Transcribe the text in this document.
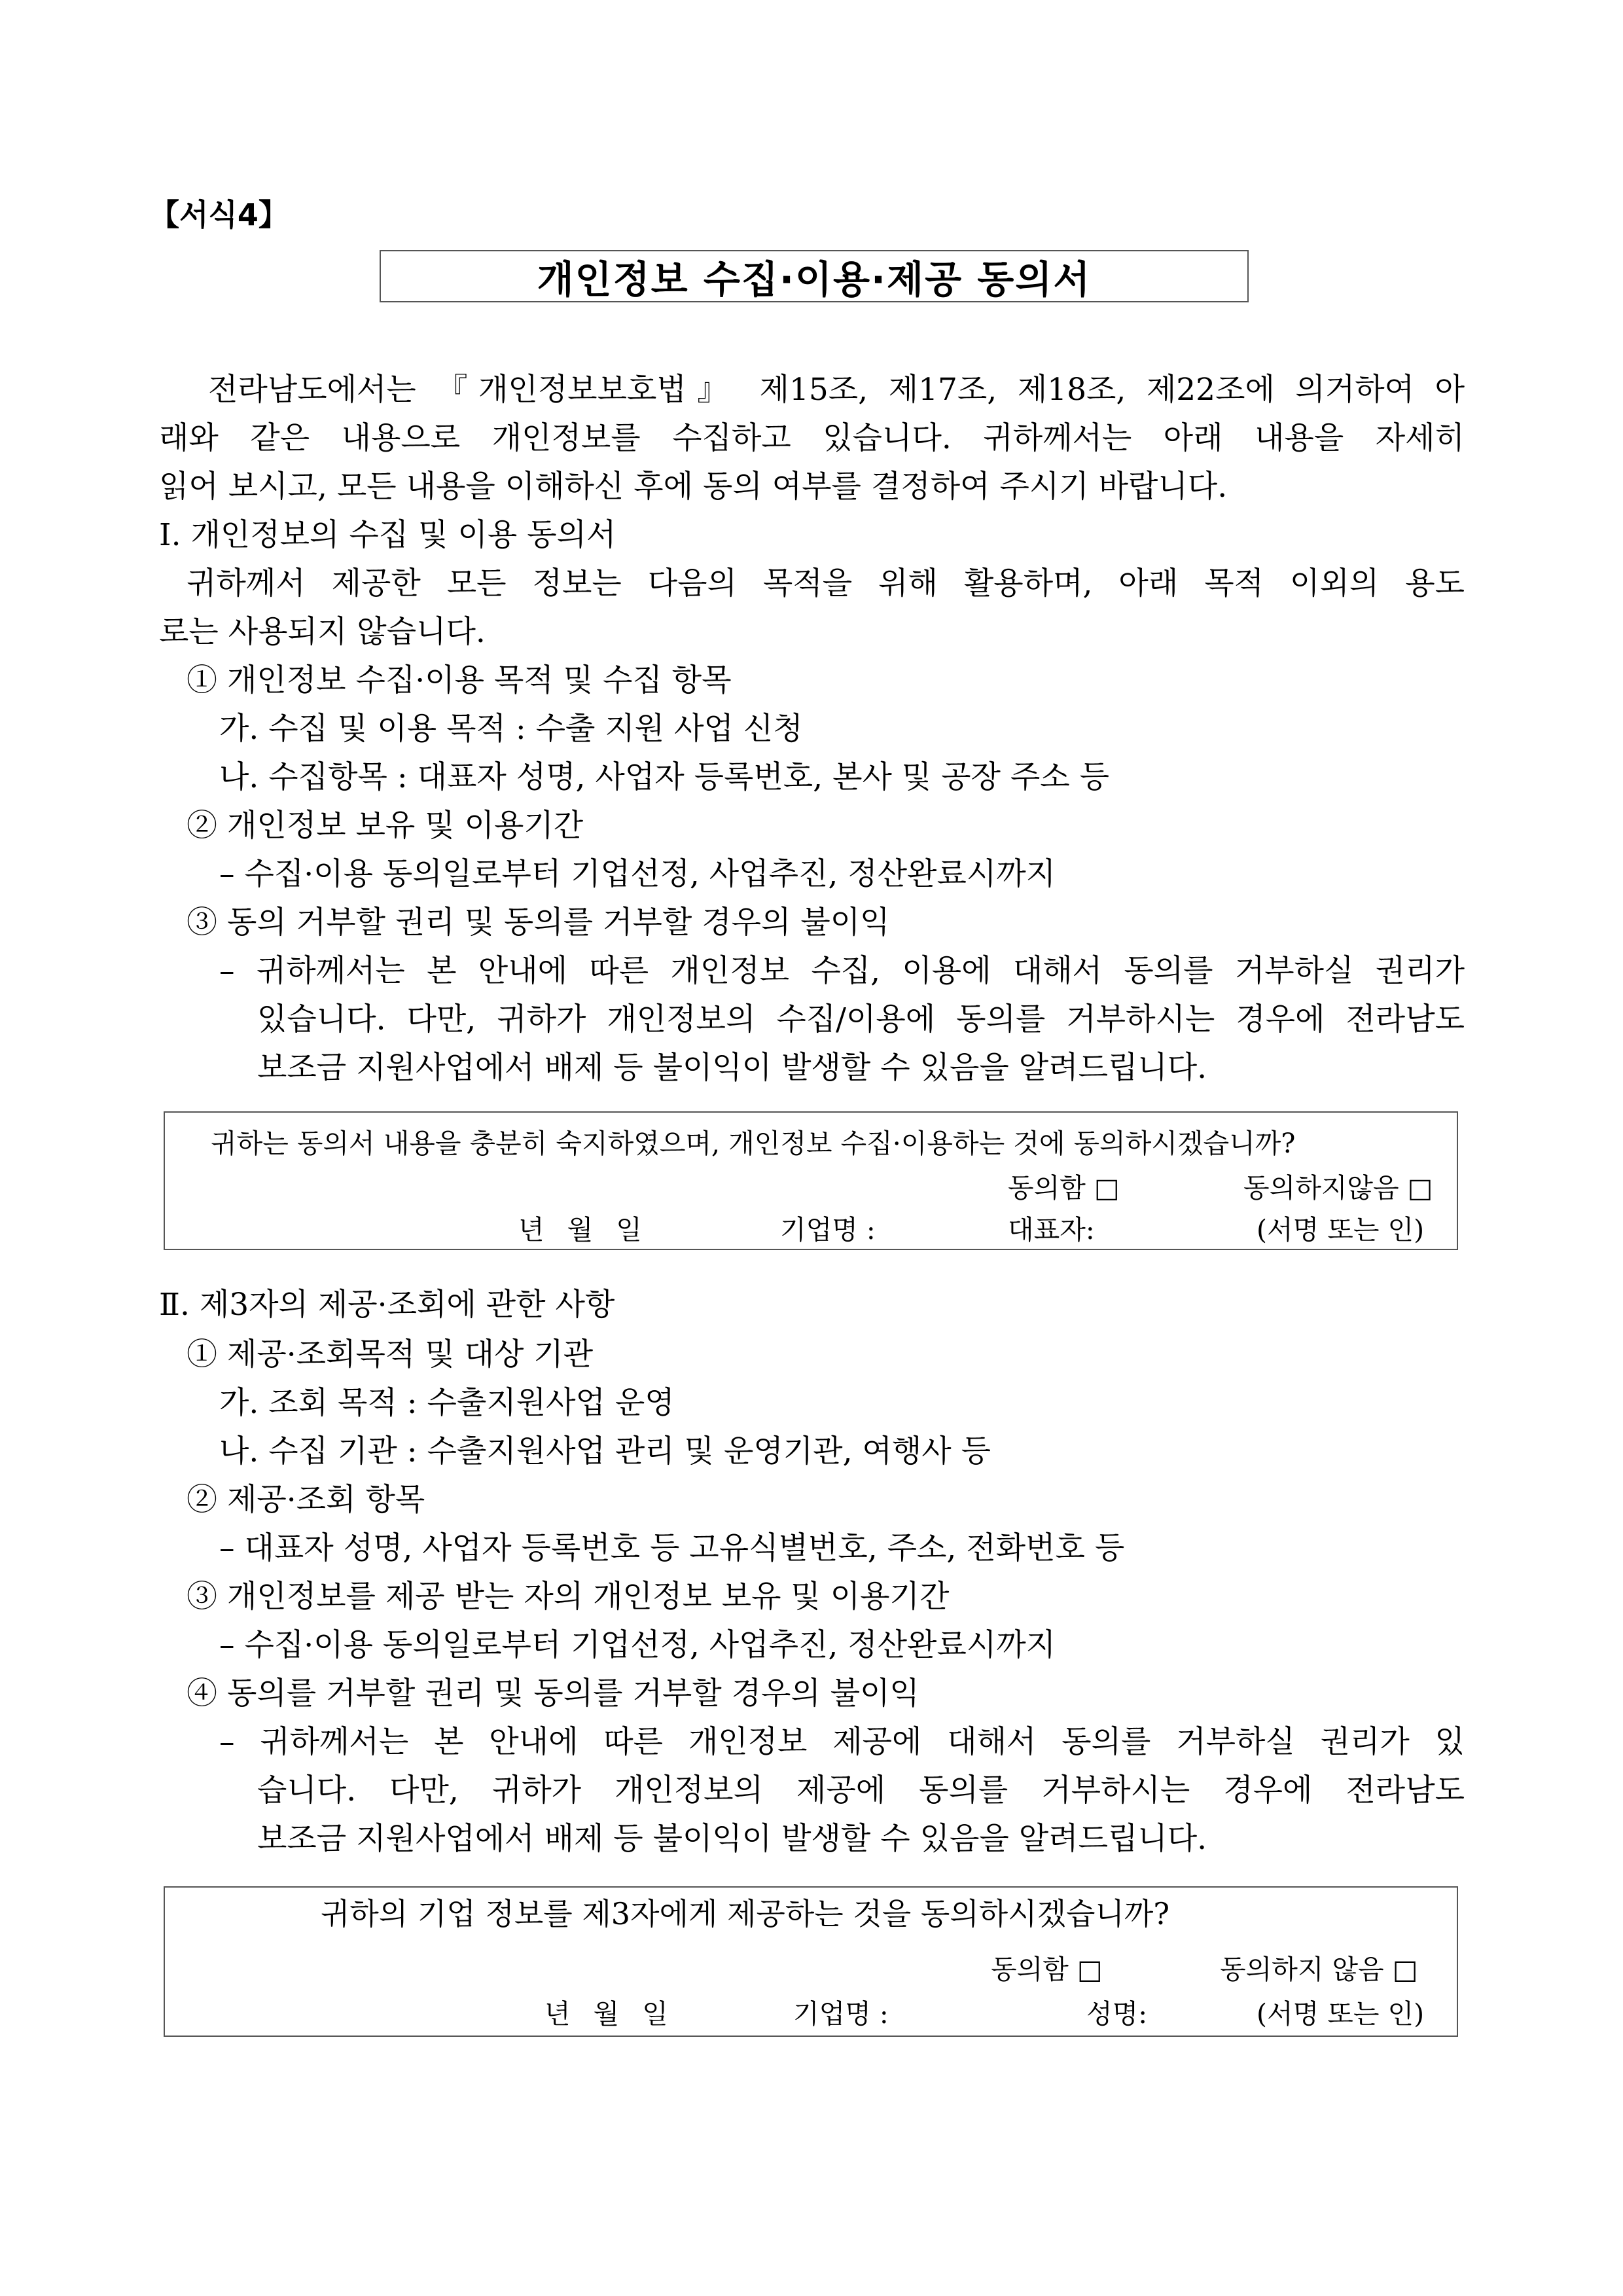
【서식4】
개인정보 수집·이용·제공 동의서
전라남도에서는 『개인정보보호법』 제15조, 제17조, 제18조, 제22조에 의거하여 아
래와 같은 내용으로 개인정보를 수집하고 있습니다. 귀하께서는 아래 내용을 자세히
읽어 보시고, 모든 내용을 이해하신 후에 동의 여부를 결정하여 주시기 바랍니다.
Ⅰ. 개인정보의 수집 및 이용 동의서
귀하께서 제공한 모든 정보는 다음의 목적을 위해 활용하며, 아래 목적 이외의 용도
로는 사용되지 않습니다.
① 개인정보 수집·이용 목적 및 수집 항목
가. 수집 및 이용 목적 : 수출 지원 사업 신청
나. 수집항목 : 대표자 성명, 사업자 등록번호, 본사 및 공장 주소 등
② 개인정보 보유 및 이용기간
– 수집·이용 동의일로부터 기업선정, 사업추진, 정산완료시까지
③ 동의 거부할 권리 및 동의를 거부할 경우의 불이익
– 귀하께서는 본 안내에 따른 개인정보 수집, 이용에 대해서 동의를 거부하실 권리가
있습니다. 다만, 귀하가 개인정보의 수집/이용에 동의를 거부하시는 경우에 전라남도
보조금 지원사업에서 배제 등 불이익이 발생할 수 있음을 알려드립니다.
귀하는 동의서 내용을 충분히 숙지하였으며, 개인정보 수집·이용하는 것에 동의하시겠습니까?
동의함 □	동의하지않음 □
년 월 일	기업명 :	대표자:	(서명 또는 인)
Ⅱ. 제3자의 제공·조회에 관한 사항
① 제공·조회목적 및 대상 기관
가. 조회 목적 : 수출지원사업 운영
나. 수집 기관 : 수출지원사업 관리 및 운영기관, 여행사 등
② 제공·조회 항목
– 대표자 성명, 사업자 등록번호 등 고유식별번호, 주소, 전화번호 등
③ 개인정보를 제공 받는 자의 개인정보 보유 및 이용기간
– 수집·이용 동의일로부터 기업선정, 사업추진, 정산완료시까지
④ 동의를 거부할 권리 및 동의를 거부할 경우의 불이익
– 귀하께서는 본 안내에 따른 개인정보 제공에 대해서 동의를 거부하실 권리가 있
습니다. 다만, 귀하가 개인정보의 제공에 동의를 거부하시는 경우에 전라남도
보조금 지원사업에서 배제 등 불이익이 발생할 수 있음을 알려드립니다.
귀하의 기업 정보를 제3자에게 제공하는 것을 동의하시겠습니까?
동의함 □	동의하지 않음 □
년 월 일	기업명 :	성명:	(서명 또는 인)
